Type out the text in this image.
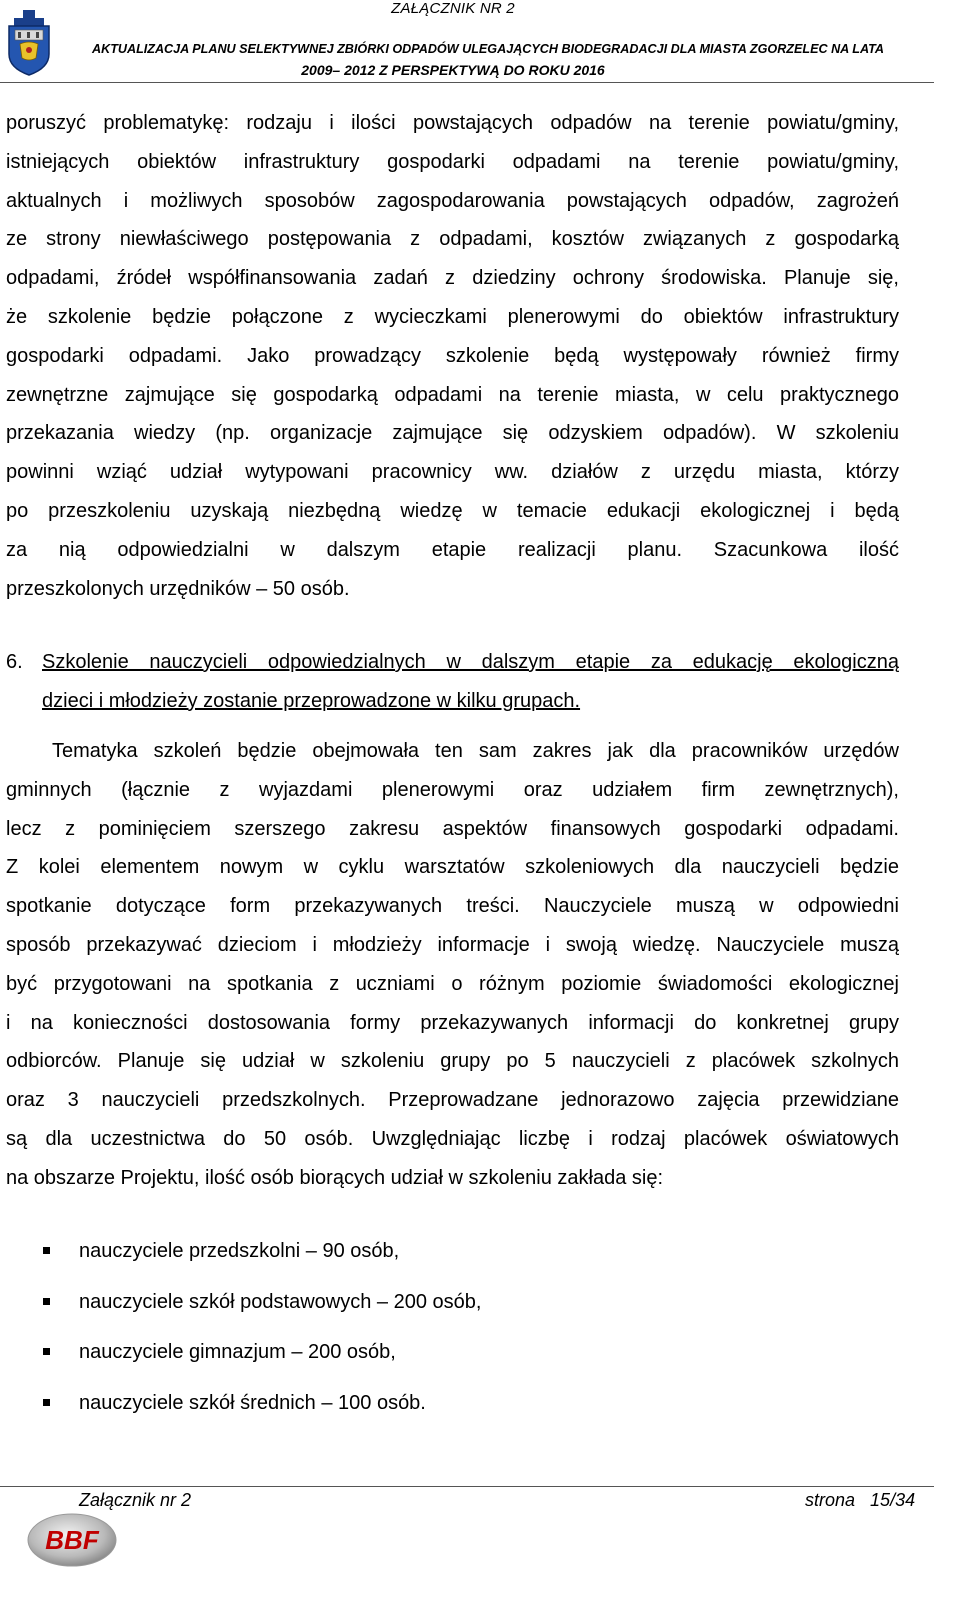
ZAŁĄCZNIK NR 2
AKTUALIZACJA PLANU SELEKTYWNEJ ZBIÓRKI ODPADÓW ULEGAJĄCYCH BIODEGRADACJI DLA MIASTA ZGORZELEC NA LATA
2009– 2012 Z PERSPEKTYWĄ DO ROKU 2016
poruszyć problematykę: rodzaju i ilości powstających odpadów na terenie powiatu/gminy,
istniejących obiektów infrastruktury gospodarki odpadami na terenie powiatu/gminy,
aktualnych i możliwych sposobów zagospodarowania powstających odpadów, zagrożeń
ze strony niewłaściwego postępowania z odpadami, kosztów związanych z gospodarką
odpadami, źródeł współfinansowania zadań z dziedziny ochrony środowiska. Planuje się,
że szkolenie będzie połączone z wycieczkami plenerowymi do obiektów infrastruktury
gospodarki odpadami. Jako prowadzący szkolenie będą występowały również firmy
zewnętrzne zajmujące się gospodarką odpadami na terenie miasta, w celu praktycznego
przekazania wiedzy (np. organizacje zajmujące się odzyskiem odpadów). W szkoleniu
powinni wziąć udział wytypowani pracownicy ww. działów z urzędu miasta, którzy
po przeszkoleniu uzyskają niezbędną wiedzę w temacie edukacji ekologicznej i będą
za nią odpowiedzialni w dalszym etapie realizacji planu. Szacunkowa ilość
przeszkolonych urzędników – 50 osób.
6. Szkolenie nauczycieli odpowiedzialnych w dalszym etapie za edukację ekologiczną
dzieci i młodzieży zostanie przeprowadzone w kilku grupach.
Tematyka szkoleń będzie obejmowała ten sam zakres jak dla pracowników urzędów
gminnych (łącznie z wyjazdami plenerowymi oraz udziałem firm zewnętrznych),
lecz z pominięciem szerszego zakresu aspektów finansowych gospodarki odpadami.
Z kolei elementem nowym w cyklu warsztatów szkoleniowych dla nauczycieli będzie
spotkanie dotyczące form przekazywanych treści. Nauczyciele muszą w odpowiedni
sposób przekazywać dzieciom i młodzieży informacje i swoją wiedzę. Nauczyciele muszą
być przygotowani na spotkania z uczniami o różnym poziomie świadomości ekologicznej
i na konieczności dostosowania formy przekazywanych informacji do konkretnej grupy
odbiorców. Planuje się udział w szkoleniu grupy po 5 nauczycieli z placówek szkolnych
oraz 3 nauczycieli przedszkolnych. Przeprowadzane jednorazowo zajęcia przewidziane
są dla uczestnictwa do 50 osób. Uwzględniając liczbę i rodzaj placówek oświatowych
na obszarze Projektu, ilość osób biorących udział w szkoleniu zakłada się:
nauczyciele przedszkolni – 90 osób,
nauczyciele szkół podstawowych – 200 osób,
nauczyciele gimnazjum – 200 osób,
nauczyciele szkół średnich – 100 osób.
Załącznik nr 2	strona 15/34
BBF
